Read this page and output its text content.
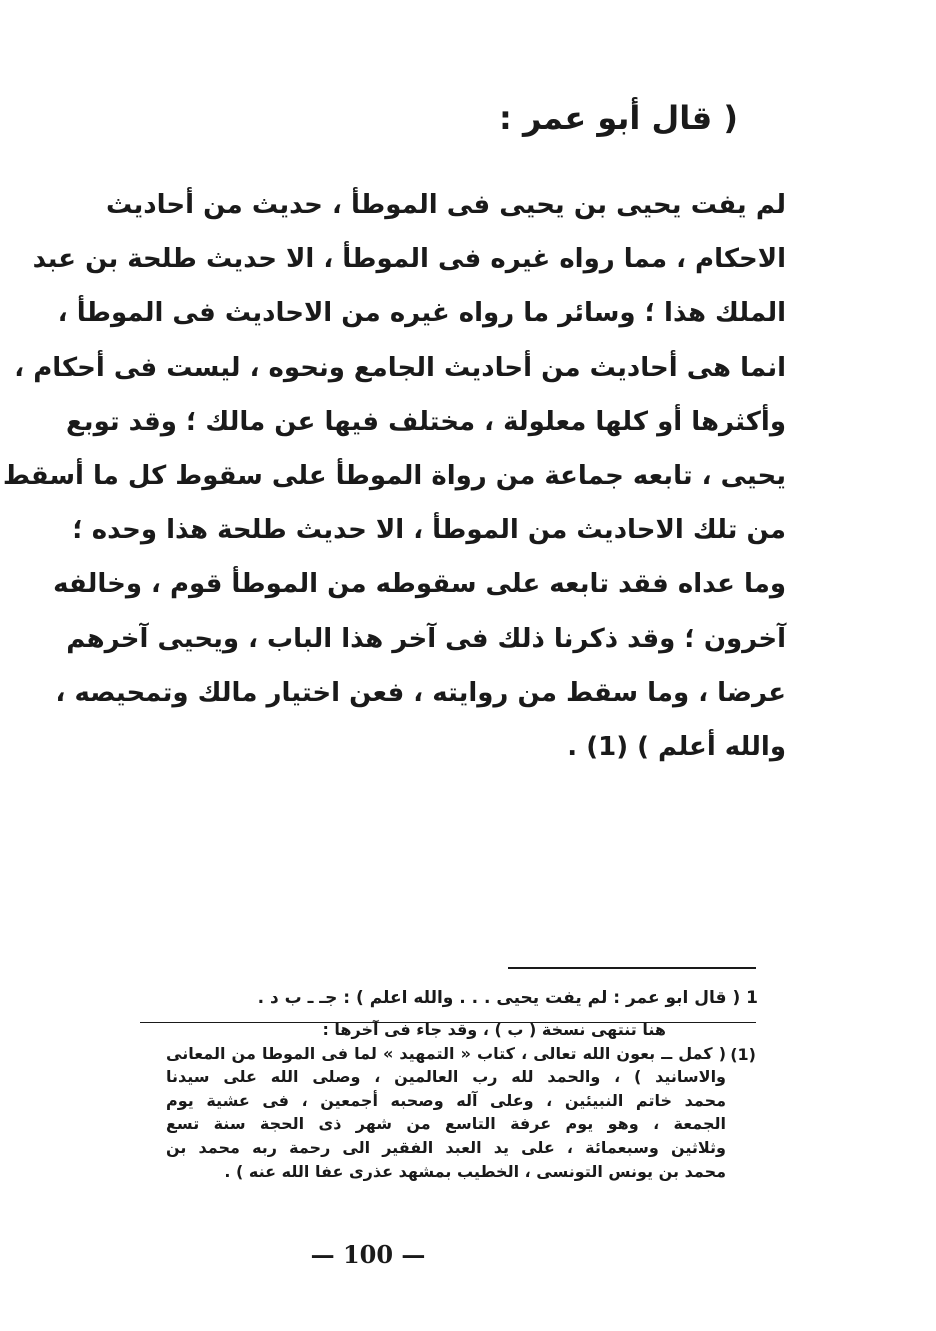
( قال أبو عمر :
لم يفت يحيى بن يحيى فى الموطأ ، حديث من أحاديث
الاحكام ، مما رواه غيره فى الموطأ ، الا حديث طلحة بن عبد
الملك هذا ؛ وسائر ما رواه غيره من الاحاديث فى الموطأ ،
انما هى أحاديث من أحاديث الجامع ونحوه ، ليست فى أحكام ،
وأكثرها أو كلها معلولة ، مختلف فيها عن مالك ؛ وقد توبع
يحيى ، تابعه جماعة من رواة الموطأ على سقوط كل ما أسقط
من تلك الاحاديث من الموطأ ، الا حديث طلحة هذا وحده ؛
وما عداه فقد تابعه على سقوطه من الموطأ قوم ، وخالفه
آخرون ؛ وقد ذكرنا ذلك فى آخر هذا الباب ، ويحيى آخرهم
عرضا ، وما سقط من روايته ، فعن اختيار مالك وتمحيصه ،
والله أعلم ) (1) .
1 ( قال ابو عمر : لم يفت يحيى . . . والله اعلم ) : جـ ـ ب د .
(1)
هنا تنتهى نسخة ( ب ) ، وقد جاء فى آخرها :
( كمل ــ بعون الله تعالى ، كتاب « التمهيد » لما فى الموطا من المعانى
والاسانيد ) ، والحمد لله رب العالمين ، وصلى الله على سيدنا
محمد خاتم النبيئين ، وعلى آله وصحبه أجمعين ، فى عشية يوم
الجمعة ، وهو يوم عرفة التاسع من شهر ذى الحجة سنة تسع
وثلاثين وسبعمائة ، على يد العبد الفقير الى رحمة ربه محمد بن
محمد بن يونس التونسى ، الخطيب بمشهد عذرى عفا الله عنه ) .
— 100 —
